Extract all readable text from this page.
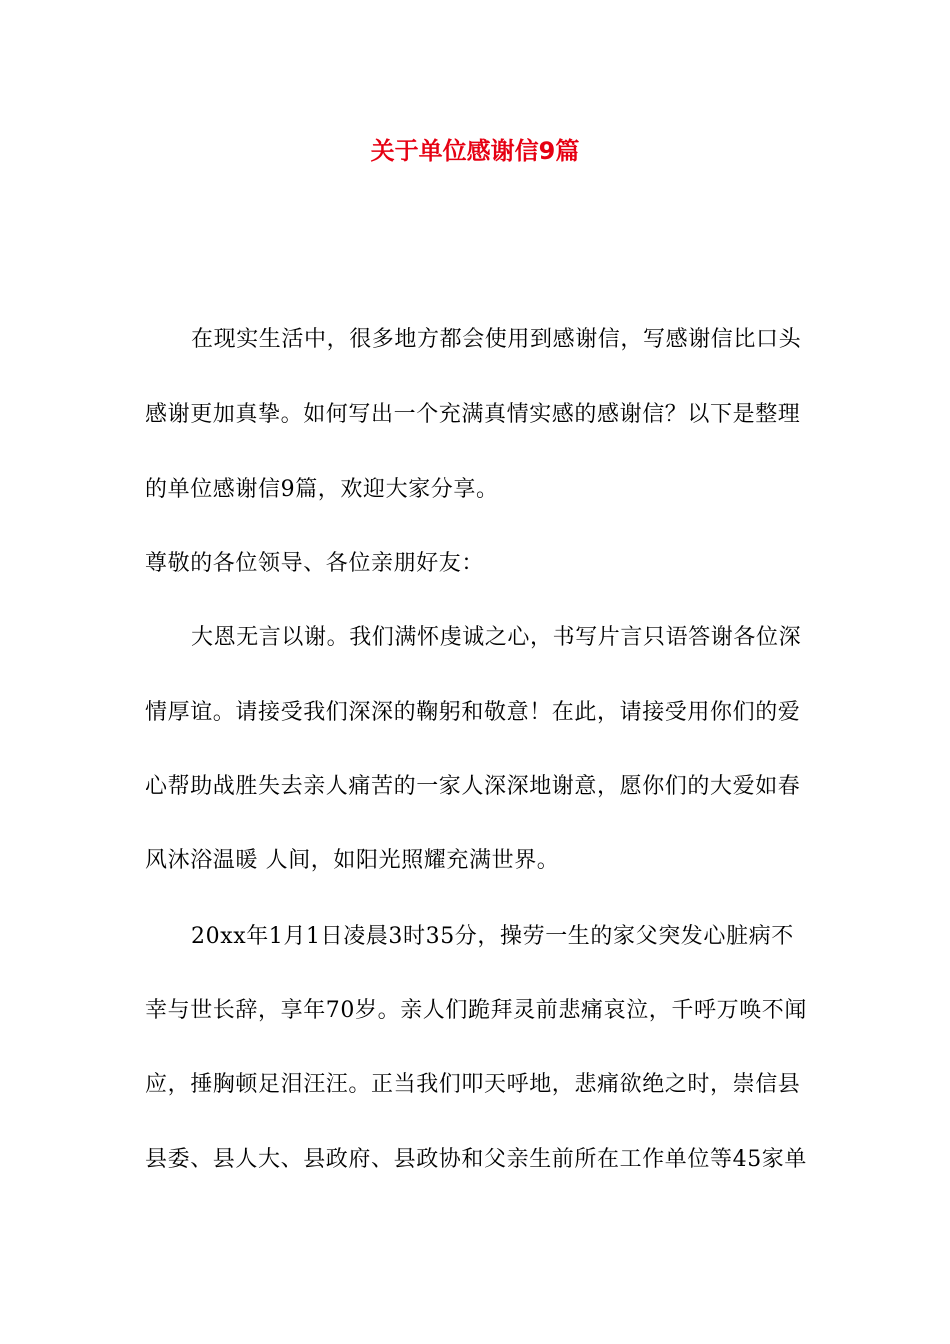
关于单位感谢信9篇
在现实生活中，很多地方都会使用到感谢信，写感谢信比口头
感谢更加真挚。如何写出一个充满真情实感的感谢信？以下是整理
的单位感谢信9篇，欢迎大家分享。
尊敬的各位领导、各位亲朋好友：
大恩无言以谢。我们满怀虔诚之心，书写片言只语答谢各位深
情厚谊。请接受我们深深的鞠躬和敬意！在此，请接受用你们的爱
心帮助战胜失去亲人痛苦的一家人深深地谢意，愿你们的大爱如春
风沐浴温暖 人间，如阳光照耀充满世界。
20xx年1月1日凌晨3时35分，操劳一生的家父突发心脏病不
幸与世长辞，享年70岁。亲人们跪拜灵前悲痛哀泣，千呼万唤不闻
应，捶胸顿足泪汪汪。正当我们叩天呼地，悲痛欲绝之时，崇信县
县委、县人大、县政府、县政协和父亲生前所在工作单位等45家单
